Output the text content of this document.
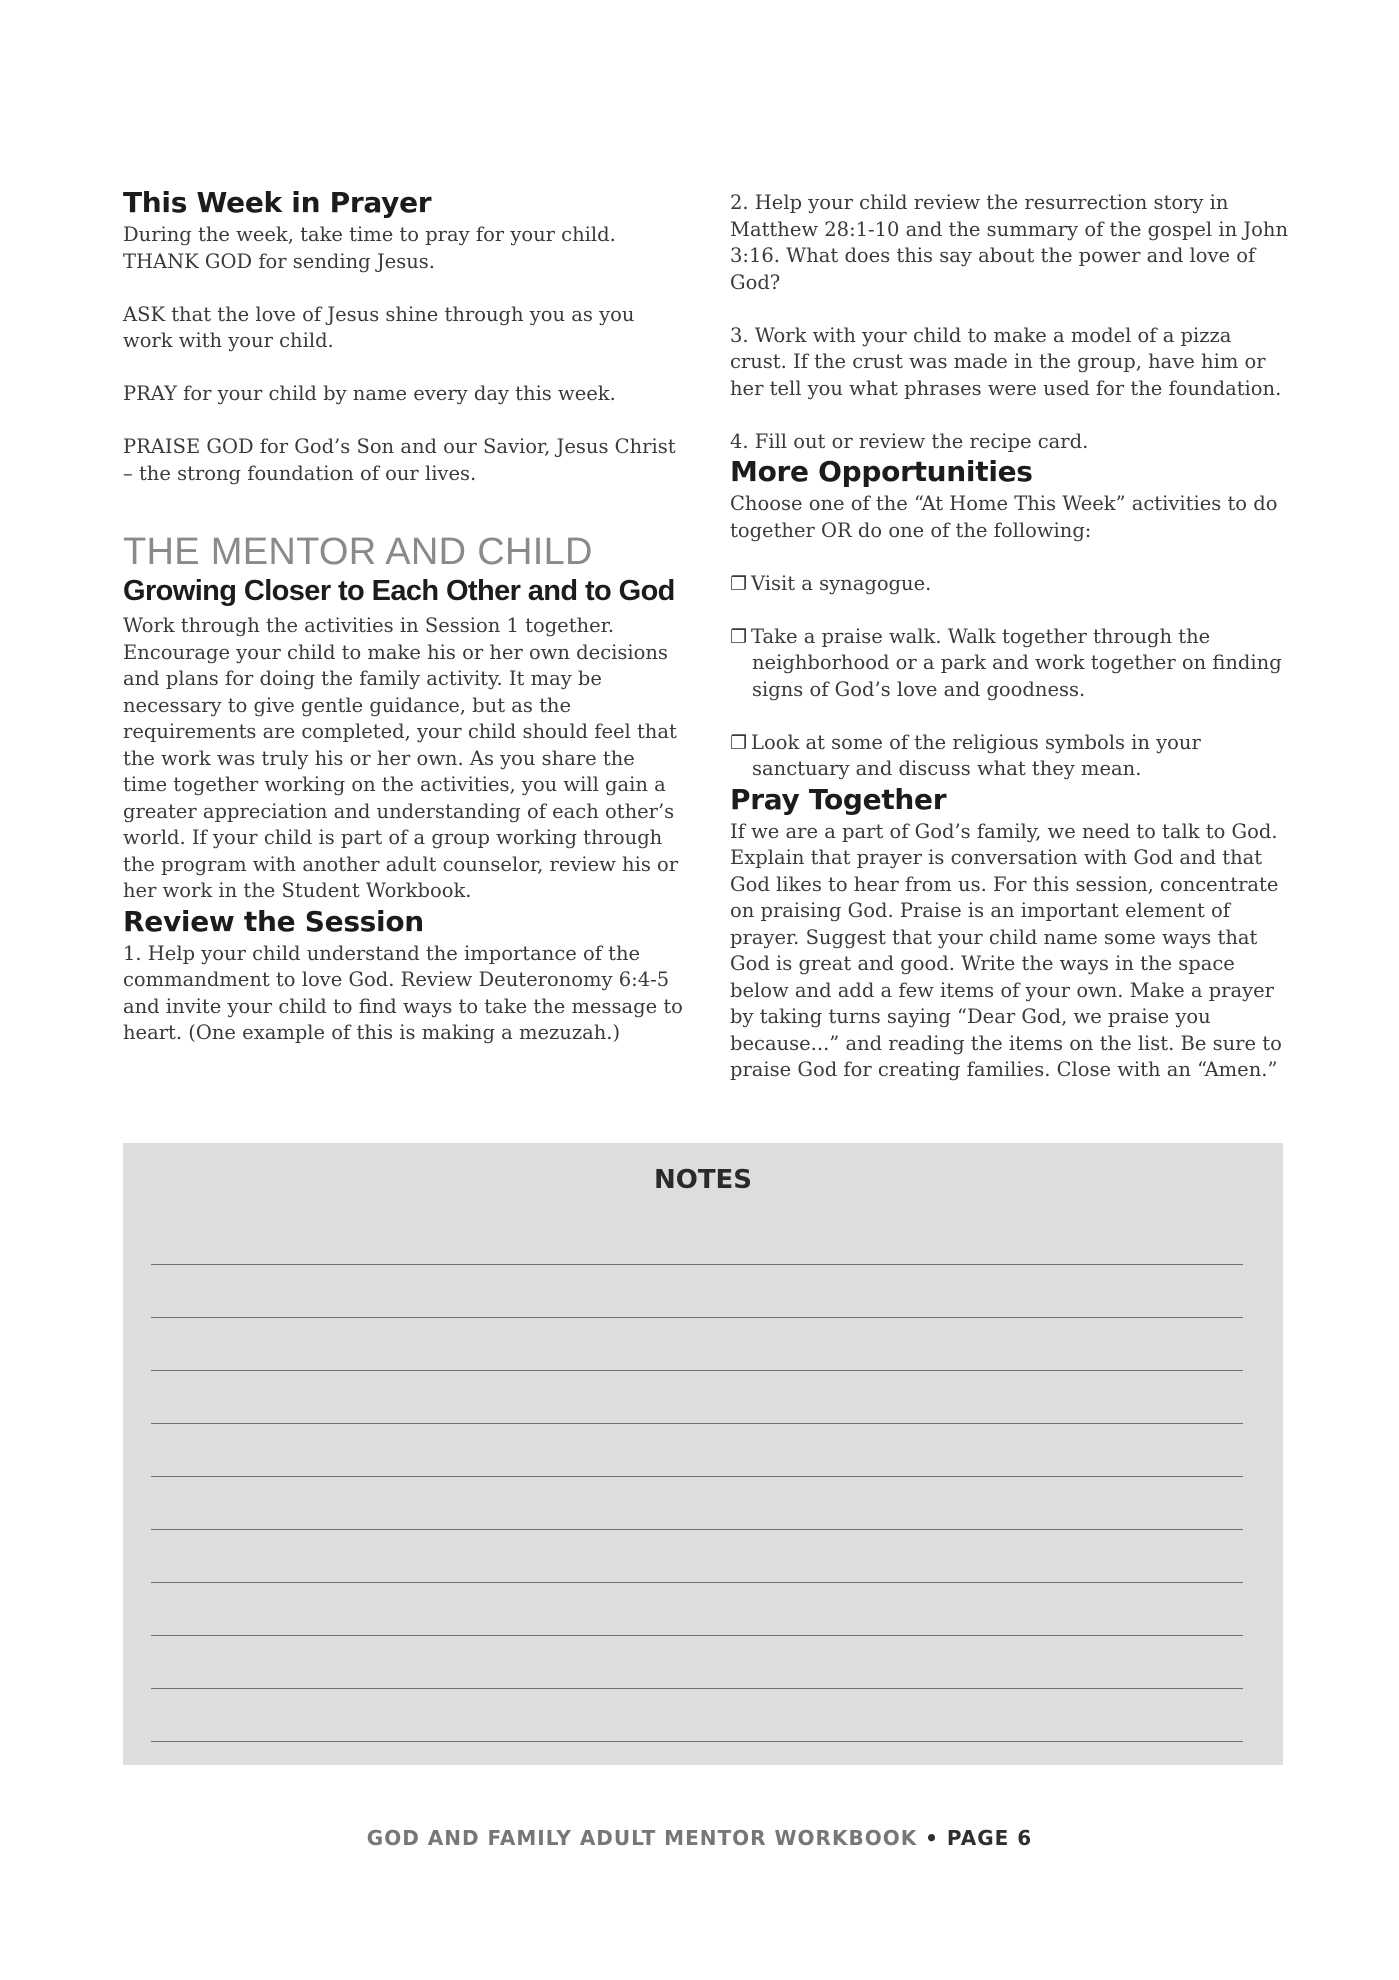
This Week in Prayer

During the week, take time to pray for your child.

THANK GOD for sending Jesus.

ASK that the love of Jesus shine through you as you work with your child.

PRAY for your child by name every day this week.

PRAISE GOD for God’s Son and our Savior, Jesus Christ – the strong foundation of our lives.

THE MENTOR AND CHILD
Growing Closer to Each Other and to God

Work through the activities in Session 1 together. Encourage your child to make his or her own decisions and plans for doing the family activity. It may be necessary to give gentle guidance, but as the requirements are completed, your child should feel that the work was truly his or her own. As you share the time together working on the activities, you will gain a greater appreciation and understanding of each other’s world. If your child is part of a group working through the program with another adult counselor, review his or her work in the Student Workbook.

Review the Session

1. Help your child understand the importance of the commandment to love God. Review Deuteronomy 6:4-5 and invite your child to find ways to take the message to heart. (One example of this is making a mezuzah.)

2. Help your child review the resurrection story in Matthew 28:1-10 and the summary of the gospel in John 3:16. What does this say about the power and love of God?

3. Work with your child to make a model of a pizza crust. If the crust was made in the group, have him or her tell you what phrases were used for the foundation.

4. Fill out or review the recipe card.

More Opportunities

Choose one of the “At Home This Week” activities to do together OR do one of the following:

❐ Visit a synagogue.
❐ Take a praise walk. Walk together through the neighborhood or a park and work together on finding signs of God’s love and goodness.
❐ Look at some of the religious symbols in your sanctuary and discuss what they mean.
Pray Together

If we are a part of God’s family, we need to talk to God. Explain that prayer is conversation with God and that God likes to hear from us. For this session, concentrate on praising God. Praise is an important element of prayer. Suggest that your child name some ways that God is great and good. Write the ways in the space below and add a few items of your own. Make a prayer by taking turns saying “Dear God, we praise you because...” and reading the items on the list. Be sure to praise God for creating families. Close with an “Amen.”

NOTES
GOD AND FAMILY ADULT MENTOR WORKBOOK • PAGE 6
